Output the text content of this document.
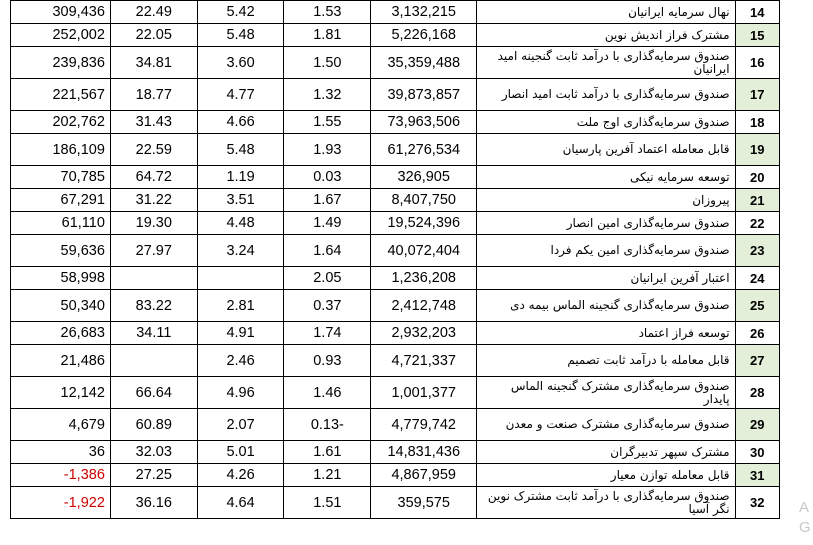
309,436	22.49	5.42	1.53	3,132,215	نهال سرمایه ایرانیان	14
252,002	22.05	5.48	1.81	5,226,168	مشترک فراز اندیش نوین	15
239,836	34.81	3.60	1.50	35,359,488	صندوق سرمایه‌گذاری با درآمد ثابت گنجینه امید ایرانیان	16
221,567	18.77	4.77	1.32	39,873,857	صندوق سرمایه‌گذاری با درآمد ثابت امید انصار	17
202,762	31.43	4.66	1.55	73,963,506	صندوق سرمایه‌گذاری اوج ملت	18
186,109	22.59	5.48	1.93	61,276,534	قابل معامله اعتماد آفرین پارسیان	19
70,785	64.72	1.19	0.03	326,905	توسعه سرمایه نیکی	20
67,291	31.22	3.51	1.67	8,407,750	پیروزان	21
61,110	19.30	4.48	1.49	19,524,396	صندوق سرمایه‌گذاری امین انصار	22
59,636	27.97	3.24	1.64	40,072,404	صندوق سرمایه‌گذاری امین یکم فردا	23
58,998			2.05	1,236,208	اعتبار آفرین ایرانیان	24
50,340	83.22	2.81	0.37	2,412,748	صندوق سرمایه‌گذاری گنجینه الماس بیمه دی	25
26,683	34.11	4.91	1.74	2,932,203	توسعه فراز اعتماد	26
21,486		2.46	0.93	4,721,337	قابل معامله با درآمد ثابت تصمیم	27
12,142	66.64	4.96	1.46	1,001,377	صندوق سرمایه‌گذاری مشترک گنجینه الماس پایدار	28
4,679	60.89	2.07	0.13-	4,779,742	صندوق سرمایه‌گذاری مشترک صنعت و معدن	29
36	32.03	5.01	1.61	14,831,436	مشترک سپهر تدبیرگران	30
-1,386	27.25	4.26	1.21	4,867,959	قابل معامله توازن معیار	31
-1,922	36.16	4.64	1.51	359,575	صندوق سرمایه‌گذاری با درآمد ثابت مشترک نوین نگر آسیا	32 A G
